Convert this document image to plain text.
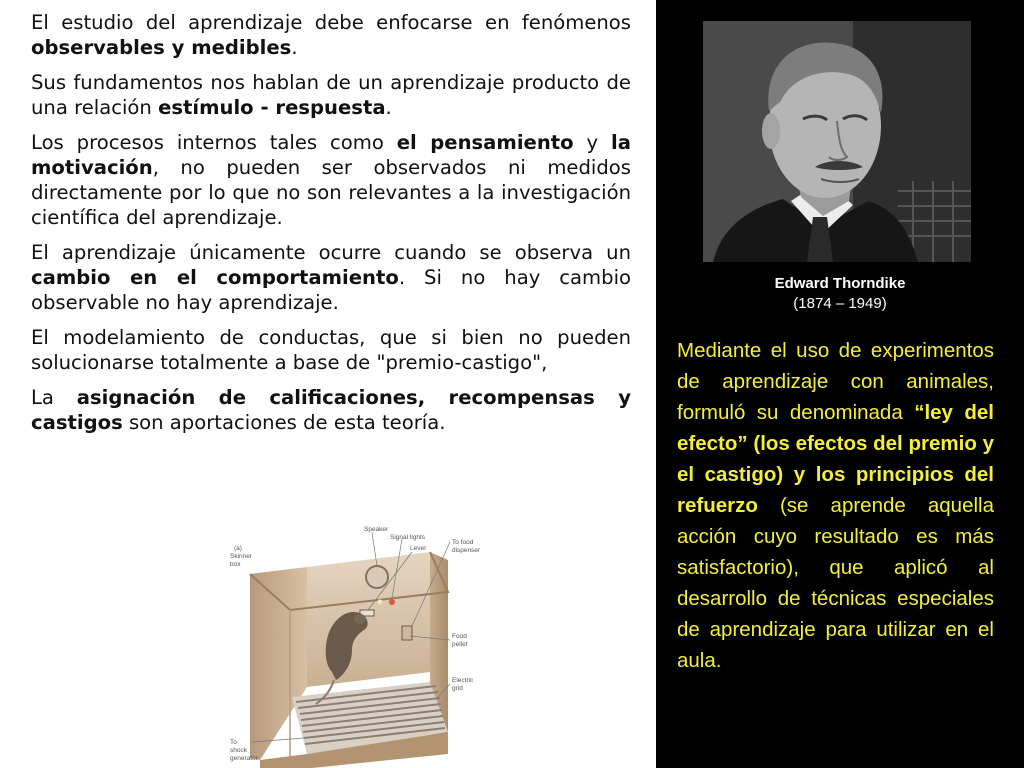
El estudio del aprendizaje debe enfocarse en fenómenos observables y medibles.

Sus fundamentos nos hablan de un aprendizaje producto de una relación estímulo - respuesta.

Los procesos internos tales como el pensamiento y la motivación, no pueden ser observados ni medidos directamente por lo que no son relevantes a la investigación científica del aprendizaje.

El aprendizaje únicamente ocurre cuando se observa un cambio en el comportamiento. Si no hay cambio observable no hay aprendizaje.

El modelamiento de conductas, que si bien no pueden solucionarse totalmente a base de "premio-castigo",

La asignación de calificaciones, recompensas y castigos son aportaciones de esta teoría.

(a)
Skinner
box
Speaker
Signal lights
Lever
To food
dispenser
Food
pellet
Electric
grid
To
shock
generator
Edward Thorndike
(1874 – 1949)
Mediante el uso de experimentos de aprendizaje con animales, formuló su denominada “ley del efecto” (los efectos del premio y el castigo) y los principios del refuerzo (se aprende aquella acción cuyo resultado es más satisfactorio), que aplicó al desarrollo de técnicas especiales de aprendizaje para utilizar en el aula.
